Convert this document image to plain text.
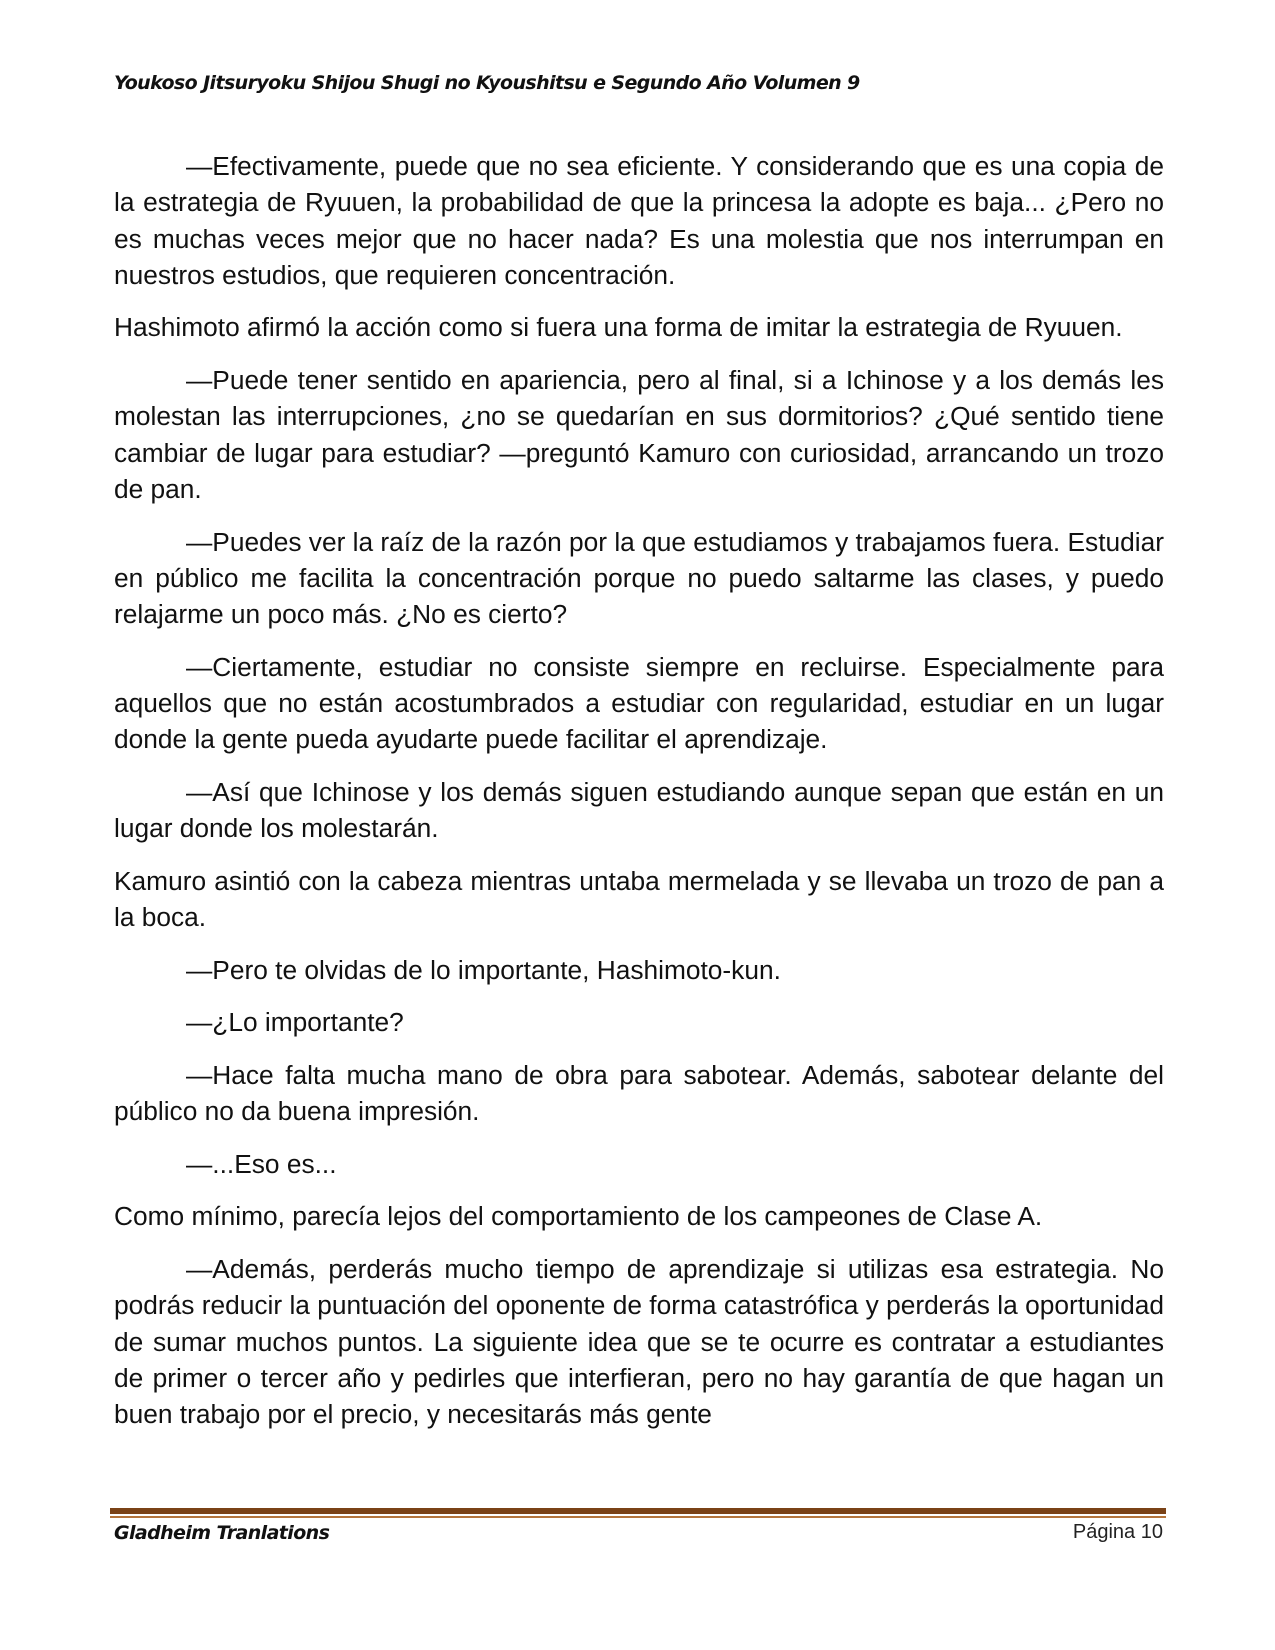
Youkoso Jitsuryoku Shijou Shugi no Kyoushitsu e Segundo Año Volumen 9

—Efectivamente, puede que no sea eficiente. Y considerando que es una copia de la estrategia de Ryuuen, la probabilidad de que la princesa la adopte es baja... ¿Pero no es muchas veces mejor que no hacer nada? Es una molestia que nos interrumpan en nuestros estudios, que requieren concentración.

Hashimoto afirmó la acción como si fuera una forma de imitar la estrategia de Ryuuen.

—Puede tener sentido en apariencia, pero al final, si a Ichinose y a los demás les molestan las interrupciones, ¿no se quedarían en sus dormitorios? ¿Qué sentido tiene cambiar de lugar para estudiar? —preguntó Kamuro con curiosidad, arrancando un trozo de pan.

—Puedes ver la raíz de la razón por la que estudiamos y trabajamos fuera. Estudiar en público me facilita la concentración porque no puedo saltarme las clases, y puedo relajarme un poco más. ¿No es cierto?

—Ciertamente, estudiar no consiste siempre en recluirse. Especialmente para aquellos que no están acostumbrados a estudiar con regularidad, estudiar en un lugar donde la gente pueda ayudarte puede facilitar el aprendizaje.

—Así que Ichinose y los demás siguen estudiando aunque sepan que están en un lugar donde los molestarán.

Kamuro asintió con la cabeza mientras untaba mermelada y se llevaba un trozo de pan a la boca.

—Pero te olvidas de lo importante, Hashimoto-kun.

—¿Lo importante?

—Hace falta mucha mano de obra para sabotear. Además, sabotear delante del público no da buena impresión.

—...Eso es...

Como mínimo, parecía lejos del comportamiento de los campeones de Clase A.

—Además, perderás mucho tiempo de aprendizaje si utilizas esa estrategia. No podrás reducir la puntuación del oponente de forma catastrófica y perderás la oportunidad de sumar muchos puntos. La siguiente idea que se te ocurre es contratar a estudiantes de primer o tercer año y pedirles que interfieran, pero no hay garantía de que hagan un buen trabajo por el precio, y necesitarás más gente

Gladheim Tranlations	Página 10
